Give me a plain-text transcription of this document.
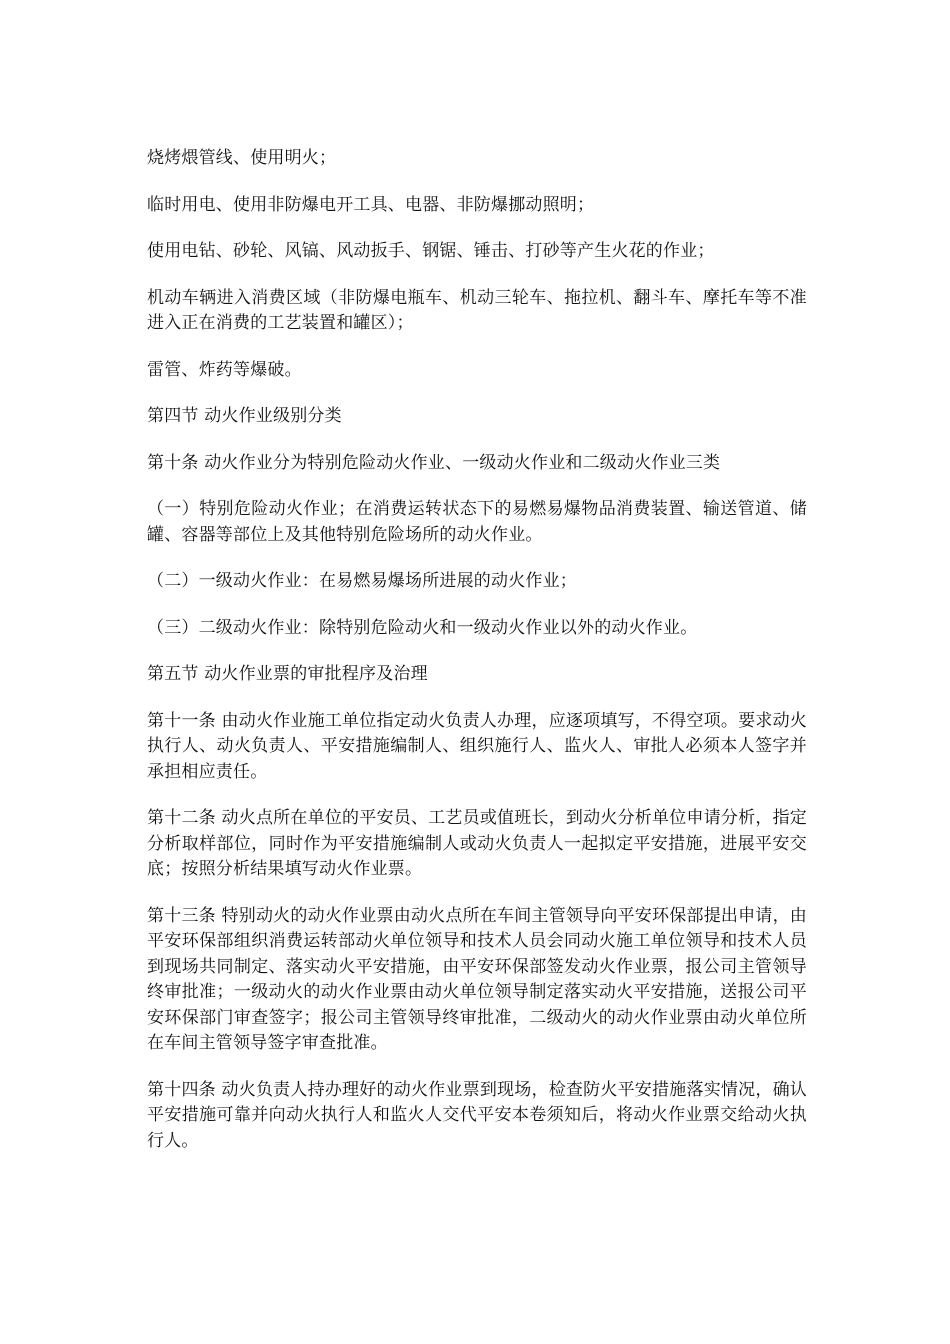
烧烤煨管线、使用明火；

临时用电、使用非防爆电开工具、电器、非防爆挪动照明；

使用电钻、砂轮、风镐、风动扳手、钢锯、锤击、打砂等产生火花的作业；

机动车辆进入消费区域（非防爆电瓶车、机动三轮车、拖拉机、翻斗车、摩托车等不准进入正在消费的工艺装置和罐区）；

雷管、炸药等爆破。

第四节 动火作业级别分类

第十条 动火作业分为特别危险动火作业、一级动火作业和二级动火作业三类

（一）特别危险动火作业；在消费运转状态下的易燃易爆物品消费装置、输送管道、储罐、容器等部位上及其他特别危险场所的动火作业。

（二）一级动火作业：在易燃易爆场所进展的动火作业；

（三）二级动火作业：除特别危险动火和一级动火作业以外的动火作业。

第五节 动火作业票的审批程序及治理

第十一条 由动火作业施工单位指定动火负责人办理，应逐项填写，不得空项。要求动火执行人、动火负责人、平安措施编制人、组织施行人、监火人、审批人必须本人签字并承担相应责任。

第十二条 动火点所在单位的平安员、工艺员或值班长，到动火分析单位申请分析，指定分析取样部位，同时作为平安措施编制人或动火负责人一起拟定平安措施，进展平安交底；按照分析结果填写动火作业票。

第十三条 特别动火的动火作业票由动火点所在车间主管领导向平安环保部提出申请，由平安环保部组织消费运转部动火单位领导和技术人员会同动火施工单位领导和技术人员到现场共同制定、落实动火平安措施，由平安环保部签发动火作业票，报公司主管领导终审批准；一级动火的动火作业票由动火单位领导制定落实动火平安措施，送报公司平安环保部门审查签字；报公司主管领导终审批准，二级动火的动火作业票由动火单位所在车间主管领导签字审查批准。

第十四条 动火负责人持办理好的动火作业票到现场，检查防火平安措施落实情况，确认平安措施可靠并向动火执行人和监火人交代平安本卷须知后，将动火作业票交给动火执行人。
